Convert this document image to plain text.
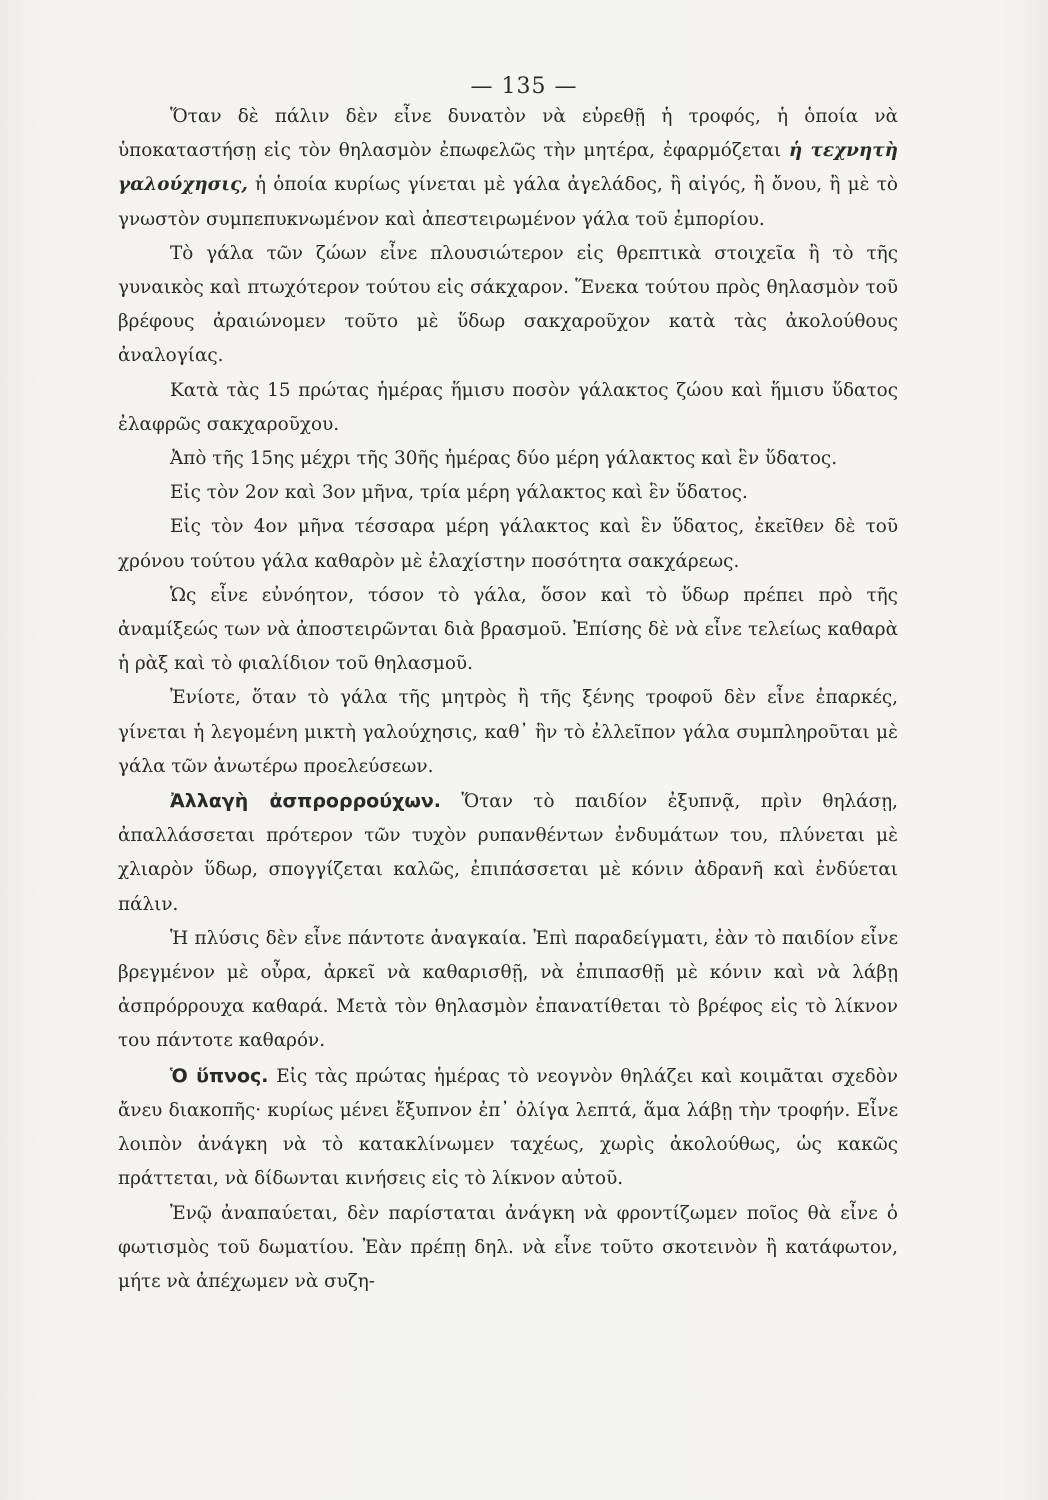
— 135 —

Ὅταν δὲ πάλιν δὲν εἶνε δυνατὸν νὰ εὑρεθῇ ἡ τροφός, ἡ ὁποία νὰ ὑποκαταστήσῃ εἰς τὸν θηλασμὸν ἐπωφελῶς τὴν μητέρα, ἐφαρμόζεται ἡ τεχνητὴ γαλούχησις, ἡ ὁποία κυρίως γίνεται μὲ γάλα ἀγελάδος, ἢ αἰγός, ἢ ὄνου, ἢ μὲ τὸ γνωστὸν συμπεπυκνωμένον καὶ ἀπεστειρωμένον γάλα τοῦ ἐμπορίου.

Τὸ γάλα τῶν ζώων εἶνε πλουσιώτερον εἰς θρεπτικὰ στοιχεῖα ἢ τὸ τῆς γυναικὸς καὶ πτωχότερον τούτου εἰς σάκχαρον. Ἕνεκα τούτου πρὸς θηλασμὸν τοῦ βρέφους ἀραιώνομεν τοῦτο μὲ ὕδωρ σακχαροῦχον κατὰ τὰς ἀκολούθους ἀναλογίας.

Κατὰ τὰς 15 πρώτας ἡμέρας ἥμισυ ποσὸν γάλακτος ζώου καὶ ἥμισυ ὕδατος ἐλαφρῶς σακχαροῦχου.

Ἀπὸ τῆς 15ης μέχρι τῆς 30ῆς ἡμέρας δύο μέρη γάλακτος καὶ ἓν ὕδατος.

Εἰς τὸν 2ον καὶ 3ον μῆνα, τρία μέρη γάλακτος καὶ ἓν ὕδατος.

Εἰς τὸν 4ον μῆνα τέσσαρα μέρη γάλακτος καὶ ἓν ὕδατος, ἐκεῖθεν δὲ τοῦ χρόνου τούτου γάλα καθαρὸν μὲ ἐλαχίστην ποσότητα σακχάρεως.

Ὡς εἶνε εὐνόητον, τόσον τὸ γάλα, ὅσον καὶ τὸ ὕδωρ πρέπει πρὸ τῆς ἀναμίξεώς των νὰ ἀποστειρῶνται διὰ βρασμοῦ. Ἐπίσης δὲ νὰ εἶνε τελείως καθαρὰ ἡ ρὰξ καὶ τὸ φιαλίδιον τοῦ θηλασμοῦ.

Ἐνίοτε, ὅταν τὸ γάλα τῆς μητρὸς ἢ τῆς ξένης τροφοῦ δὲν εἶνε ἐπαρκές, γίνεται ἡ λεγομένη μικτὴ γαλούχησις, καθ᾽ ἣν τὸ ἐλλεῖπον γάλα συμπληροῦται μὲ γάλα τῶν ἀνωτέρω προελεύσεων.

Ἀλλαγὴ ἀσπρορρούχων. Ὅταν τὸ παιδίον ἐξυπνᾷ, πρὶν θηλάσῃ, ἀπαλλάσσεται πρότερον τῶν τυχὸν ρυπανθέντων ἐνδυμάτων του, πλύνεται μὲ χλιαρὸν ὕδωρ, σπογγίζεται καλῶς, ἐπιπάσσεται μὲ κόνιν ἀδρανῆ καὶ ἐνδύεται πάλιν.

Ἡ πλύσις δὲν εἶνε πάντοτε ἀναγκαία. Ἐπὶ παραδείγματι, ἐὰν τὸ παιδίον εἶνε βρεγμένον μὲ οὖρα, ἀρκεῖ νὰ καθαρισθῇ, νὰ ἐπιπασθῇ μὲ κόνιν καὶ νὰ λάβῃ ἀσπρόρρουχα καθαρά. Μετὰ τὸν θηλασμὸν ἐπανατίθεται τὸ βρέφος εἰς τὸ λίκνον του πάντοτε καθαρόν.

Ὁ ὕπνος. Εἰς τὰς πρώτας ἡμέρας τὸ νεογνὸν θηλάζει καὶ κοιμᾶται σχεδὸν ἄνευ διακοπῆς· κυρίως μένει ἔξυπνον ἐπ᾽ ὀλίγα λεπτά, ἅμα λάβῃ τὴν τροφήν. Εἶνε λοιπὸν ἀνάγκη νὰ τὸ κατακλίνωμεν ταχέως, χωρὶς ἀκολούθως, ὡς κακῶς πράττεται, νὰ δίδωνται κινήσεις εἰς τὸ λίκνον αὐτοῦ.

Ἐνῷ ἀναπαύεται, δὲν παρίσταται ἀνάγκη νὰ φροντίζωμεν ποῖος θὰ εἶνε ὁ φωτισμὸς τοῦ δωματίου. Ἐὰν πρέπῃ δηλ. νὰ εἶνε τοῦτο σκοτεινὸν ἢ κατάφωτον, μήτε νὰ ἀπέχωμεν νὰ συζη-
